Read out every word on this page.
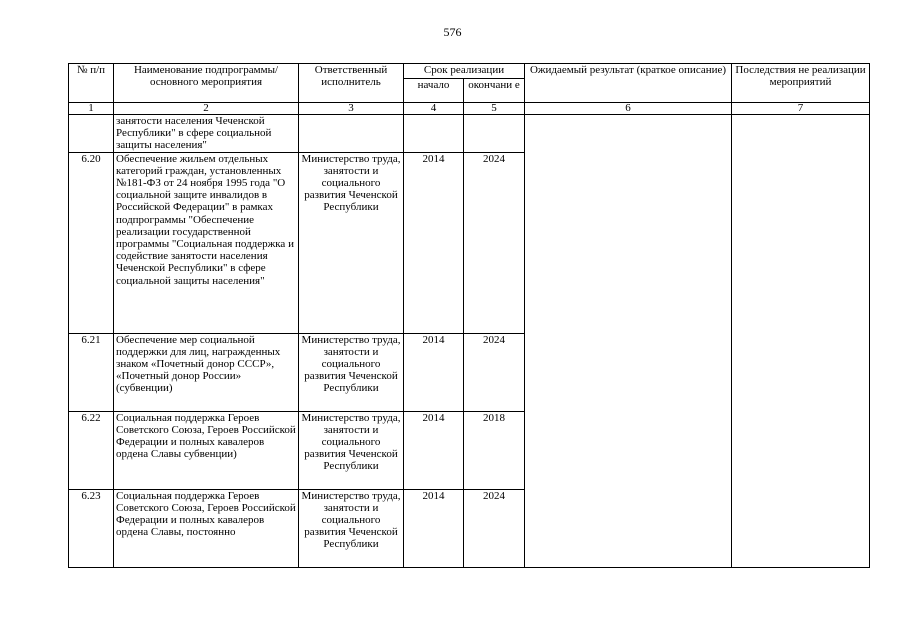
576
№ п/п	Наименование подпрограммы/ основного мероприятия	Ответственный исполнитель	Срок реализации		Ожидаемый результат (краткое описание)	Последствия не реализации мероприятий
			начало	окончани е		
1	2	3	4	5	6	7
	занятости населения Чеченской Республики" в сфере социальной защиты населения"					
6.20	Обеспечение жильем отдельных категорий граждан, установленных №181-ФЗ от 24 ноября 1995 года "О социальной защите инвалидов в Российской Федерации" в рамках подпрограммы "Обеспечение реализации государственной программы "Социальная поддержка и содействие занятости населения Чеченской Республики" в сфере социальной защиты населения"	Министерство труда, занятости и социального развития Чеченской Республики	2014	2024		
6.21	Обеспечение мер социальной поддержки для лиц, награжденных знаком «Почетный донор СССР», «Почетный донор России» (субвенции)	Министерство труда, занятости и социального развития Чеченской Республики	2014	2024		
6.22	Социальная поддержка Героев Советского Союза, Героев Российской Федерации и полных кавалеров ордена Славы субвенции)	Министерство труда, занятости и социального развития Чеченской Республики	2014	2018		
6.23	Социальная поддержка Героев Советского Союза, Героев Российской Федерации и полных кавалеров ордена Славы, постоянно	Министерство труда, занятости и социального развития Чеченской Республики	2014	2024		
